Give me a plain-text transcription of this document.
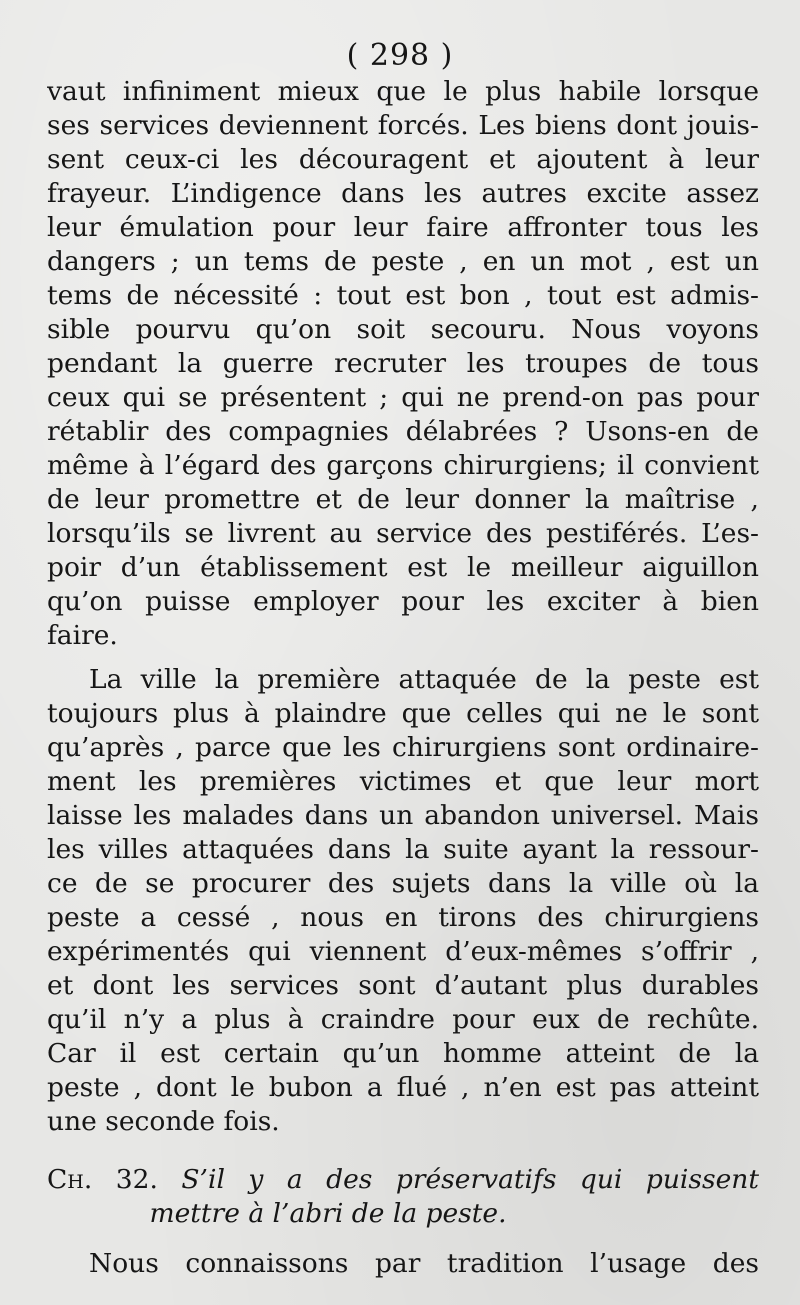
( 298 )
vaut infiniment mieux que le plus habile lorsque
ses services deviennent forcés. Les biens dont jouis-
sent ceux-ci les découragent et ajoutent à leur
frayeur. L’indigence dans les autres excite assez
leur émulation pour leur faire affronter tous les
dangers ; un tems de peste , en un mot , est un
tems de nécessité : tout est bon , tout est admis-
sible pourvu qu’on soit secouru. Nous voyons
pendant la guerre recruter les troupes de tous
ceux qui se présentent ; qui ne prend-on pas pour
rétablir des compagnies délabrées ? Usons-en de
même à l’égard des garçons chirurgiens; il convient
de leur promettre et de leur donner la maîtrise ,
lorsqu’ils se livrent au service des pestiférés. L’es-
poir d’un établissement est le meilleur aiguillon
qu’on puisse employer pour les exciter à bien
faire.
La ville la première attaquée de la peste est
toujours plus à plaindre que celles qui ne le sont
qu’après , parce que les chirurgiens sont ordinaire-
ment les premières victimes et que leur mort
laisse les malades dans un abandon universel. Mais
les villes attaquées dans la suite ayant la ressour-
ce de se procurer des sujets dans la ville où la
peste a cessé , nous en tirons des chirurgiens
expérimentés qui viennent d’eux-mêmes s’offrir ,
et dont les services sont d’autant plus durables
qu’il n’y a plus à craindre pour eux de rechûte.
Car il est certain qu’un homme atteint de la
peste , dont le bubon a flué , n’en est pas atteint
une seconde fois.
Ch. 32. S’il y a des préservatifs qui puissent
mettre à l’abri de la peste.
Nous connaissons par tradition l’usage des
